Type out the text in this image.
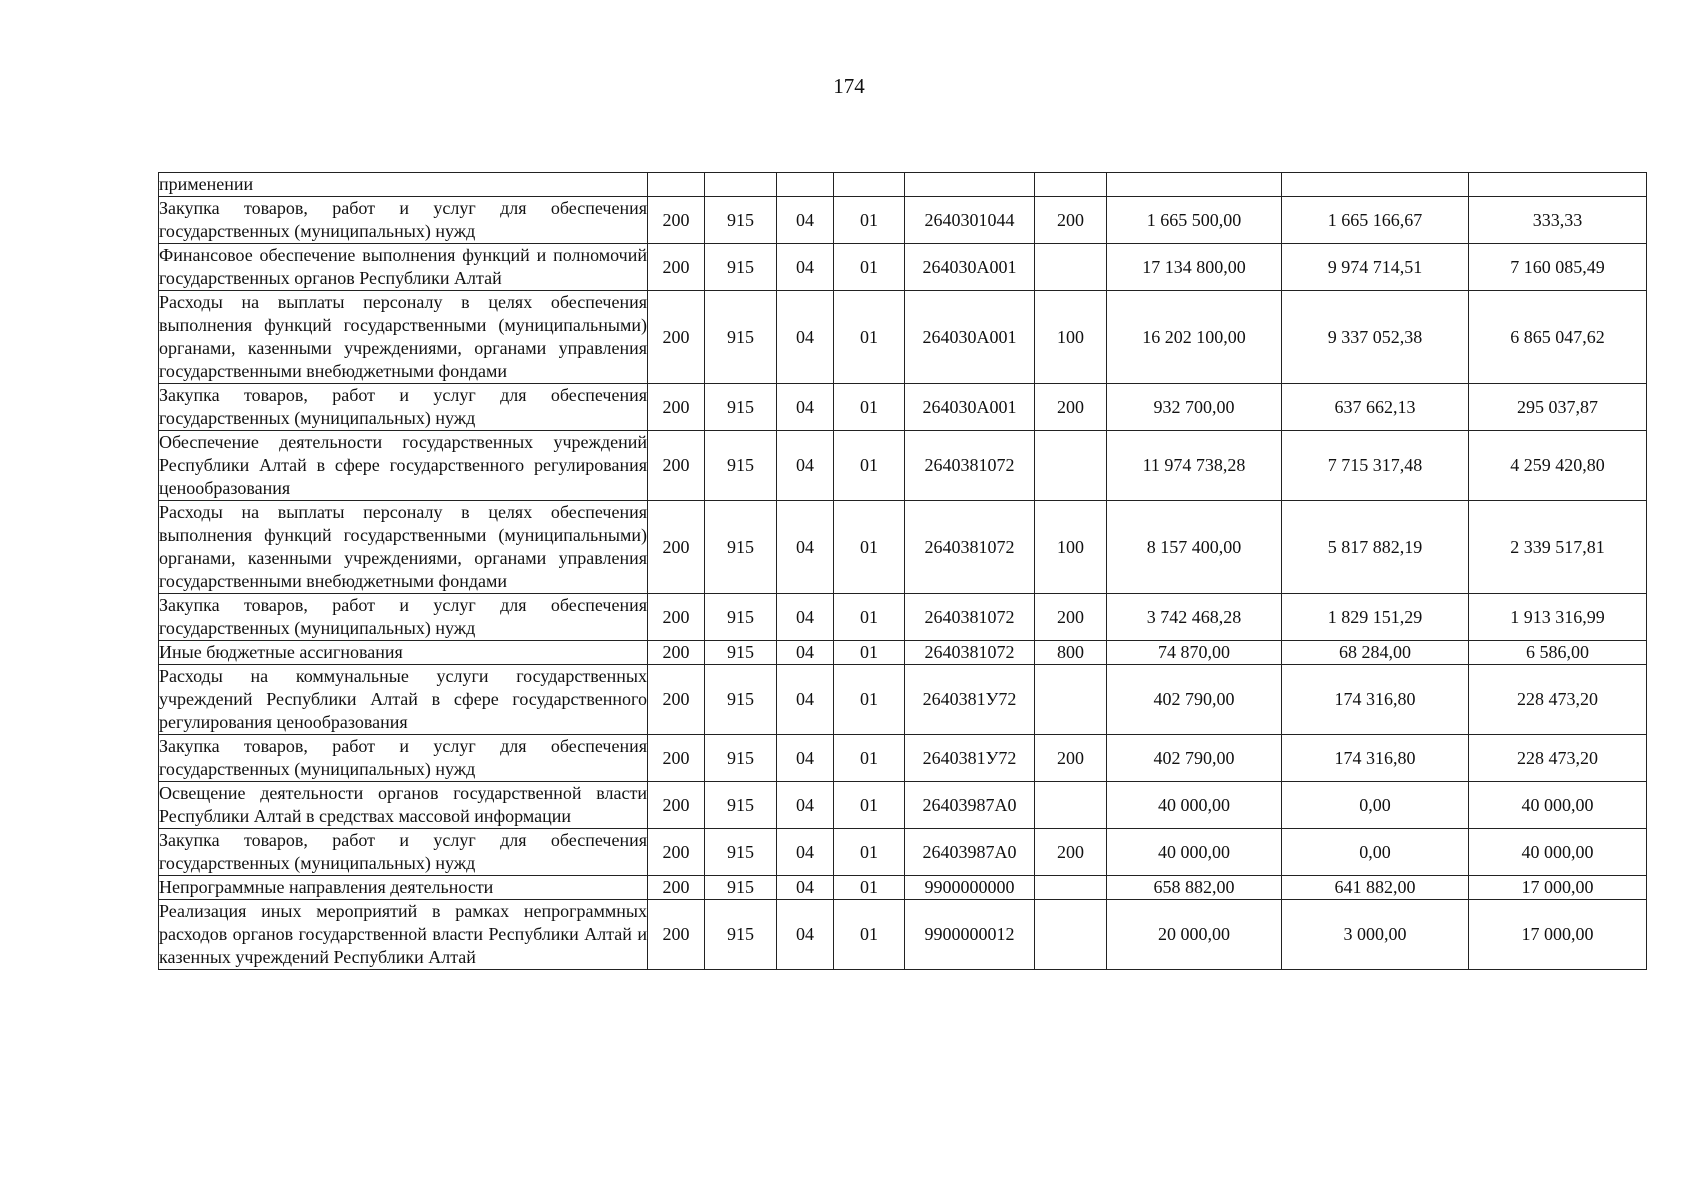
174
применении									
Закупка товаров, работ и услуг для обеспечения государственных (муниципальных) нужд	200	915	04	01	2640301044	200	1 665 500,00	1 665 166,67	333,33
Финансовое обеспечение выполнения функций и полномочий государственных органов Республики Алтай	200	915	04	01	264030А001		17 134 800,00	9 974 714,51	7 160 085,49
Расходы на выплаты персоналу в целях обеспечения выполнения функций государственными (муниципальными) органами, казенными учреждениями, органами управления государственными внебюджетными фондами	200	915	04	01	264030А001	100	16 202 100,00	9 337 052,38	6 865 047,62
Закупка товаров, работ и услуг для обеспечения государственных (муниципальных) нужд	200	915	04	01	264030А001	200	932 700,00	637 662,13	295 037,87
Обеспечение деятельности государственных учреждений Республики Алтай в сфере государственного регулирования ценообразования	200	915	04	01	2640381072		11 974 738,28	7 715 317,48	4 259 420,80
Расходы на выплаты персоналу в целях обеспечения выполнения функций государственными (муниципальными) органами, казенными учреждениями, органами управления государственными внебюджетными фондами	200	915	04	01	2640381072	100	8 157 400,00	5 817 882,19	2 339 517,81
Закупка товаров, работ и услуг для обеспечения государственных (муниципальных) нужд	200	915	04	01	2640381072	200	3 742 468,28	1 829 151,29	1 913 316,99
Иные бюджетные ассигнования	200	915	04	01	2640381072	800	74 870,00	68 284,00	6 586,00
Расходы на коммунальные услуги государственных учреждений Республики Алтай в сфере государственного регулирования ценообразования	200	915	04	01	2640381У72		402 790,00	174 316,80	228 473,20
Закупка товаров, работ и услуг для обеспечения государственных (муниципальных) нужд	200	915	04	01	2640381У72	200	402 790,00	174 316,80	228 473,20
Освещение деятельности органов государственной власти Республики Алтай в средствах массовой информации	200	915	04	01	26403987А0		40 000,00	0,00	40 000,00
Закупка товаров, работ и услуг для обеспечения государственных (муниципальных) нужд	200	915	04	01	26403987А0	200	40 000,00	0,00	40 000,00
Непрограммные направления деятельности	200	915	04	01	9900000000		658 882,00	641 882,00	17 000,00
Реализация иных мероприятий в рамках непрограммных расходов органов государственной власти Республики Алтай и казенных учреждений Республики Алтай	200	915	04	01	9900000012		20 000,00	3 000,00	17 000,00
